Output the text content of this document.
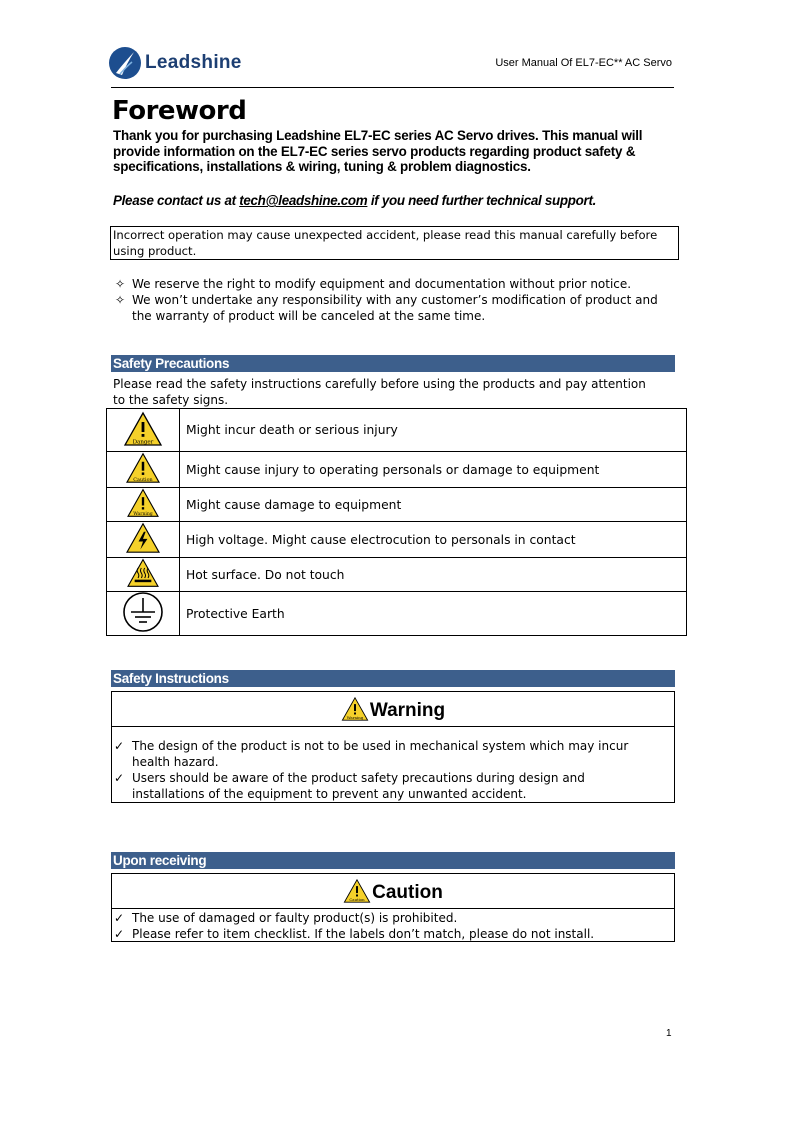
Leadshine	User Manual Of EL7-EC** AC Servo
Foreword
Thank you for purchasing Leadshine EL7-EC series AC Servo drives. This manual will provide information on the EL7-EC series servo products regarding product safety & specifications, installations & wiring, tuning & problem diagnostics.
Please contact us at tech@leadshine.com if you need further technical support.
Incorrect operation may cause unexpected accident, please read this manual carefully before
using product.
✧ We reserve the right to modify equipment and documentation without prior notice.
✧ We won’t undertake any responsibility with any customer’s modification of product and
the warranty of product will be canceled at the same time.
Safety Precautions
Please read the safety instructions carefully before using the products and pay attention
to the safety signs.
Danger	Might incur death or serious injury

Caution	Might cause injury to operating personals or damage to equipment

Warning	Might cause damage to equipment
	High voltage. Might cause electrocution to personals in contact
	Hot surface. Do not touch
	Protective Earth
Safety Instructions
Warning Warning
✓ The design of the product is not to be used in mechanical system which may incur
health hazard.
✓ Users should be aware of the product safety precautions during design and
installations of the equipment to prevent any unwanted accident.
Upon receiving
Caution Caution
✓ The use of damaged or faulty product(s) is prohibited.
✓ Please refer to item checklist. If the labels don’t match, please do not install.
1
